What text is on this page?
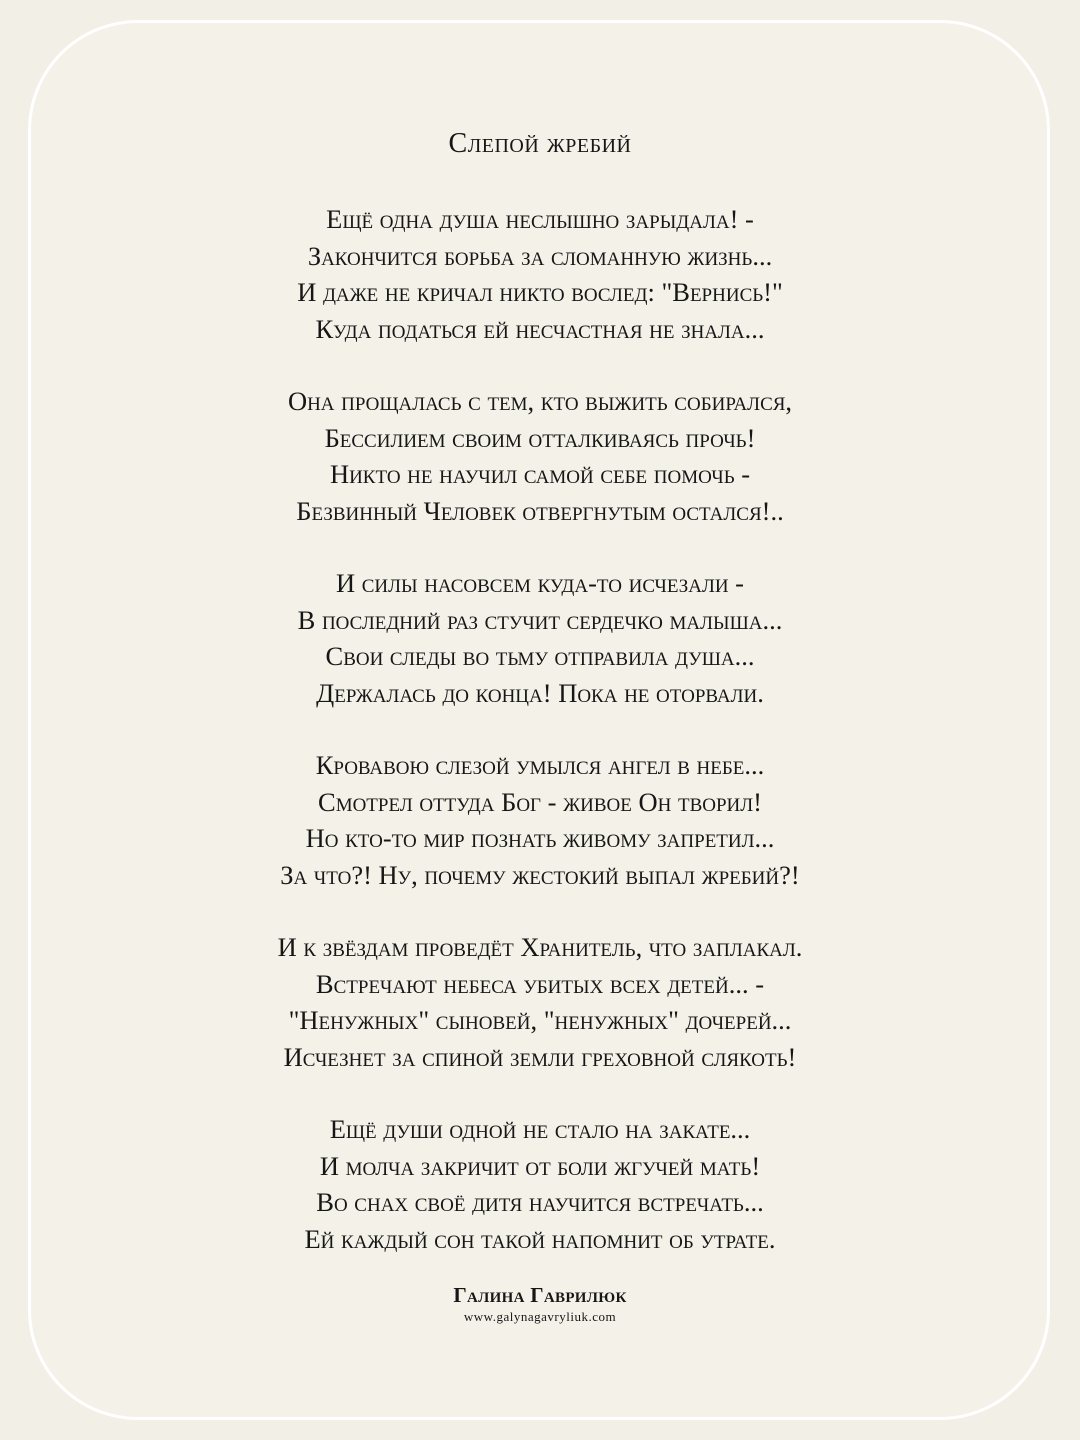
Слепой жребий
Ещё одна душа неслышно зарыдала! -
Закончится борьба за сломанную жизнь...
И даже не кричал никто вослед: "Вернись!"
Куда податься ей несчастная не знала...
Она прощалась с тем, кто выжить собирался,
Бессилием своим отталкиваясь прочь!
Никто не научил самой себе помочь -
Безвинный Человек отвергнутым остался!..
И силы насовсем куда-то исчезали -
В последний раз стучит сердечко малыша...
Свои следы во тьму отправила душа...
Держалась до конца! Пока не оторвали.
Кровавою слезой умылся ангел в небе...
Смотрел оттуда Бог - живое Он творил!
Но кто-то мир познать живому запретил...
За что?! Ну, почему жестокий выпал жребий?!
И к звёздам проведёт Хранитель, что заплакал.
Встречают небеса убитых всех детей... -
"Ненужных" сыновей, "ненужных" дочерей...
Исчезнет за спиной земли греховной слякоть!
Ещё души одной не стало на закате...
И молча закричит от боли жгучей мать!
Во снах своё дитя научится встречать...
Ей каждый сон такой напомнит об утрате.
Галина Гаврилюк
www.galynagavryliuk.com
